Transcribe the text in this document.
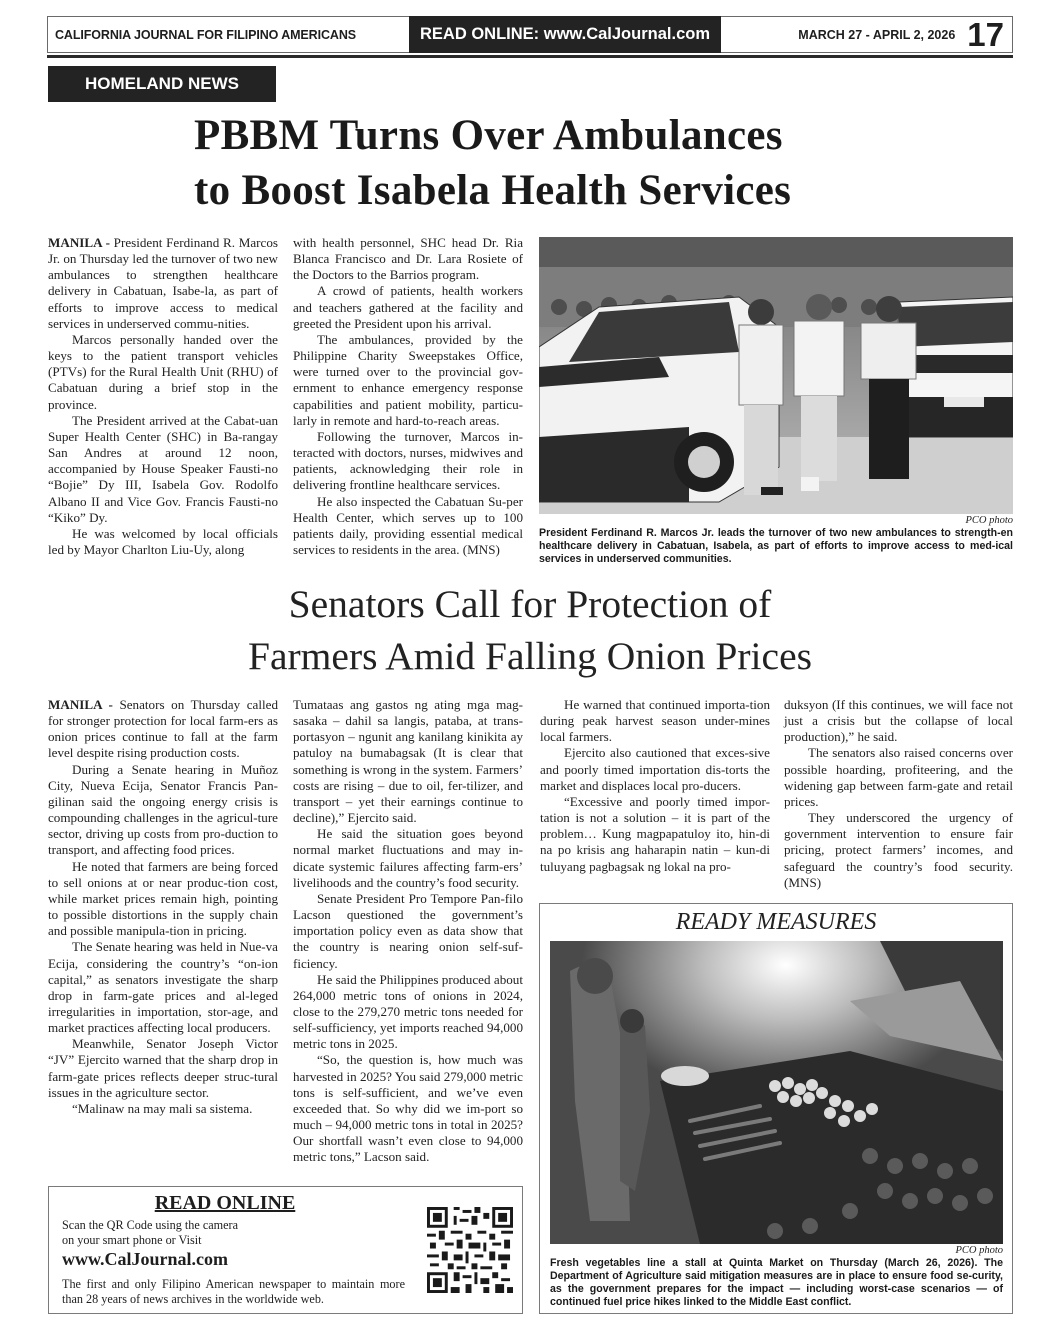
CALIFORNIA JOURNAL FOR FILIPINO AMERICANS	READ ONLINE: www.CalJournal.com	MARCH 27 - APRIL 2, 2026 17
HOMELAND NEWS
PBBM Turns Over Ambulances
to Boost Isabela Health Services

MANILA - President Ferdinand R. Marcos Jr. on Thursday led the turnover of two new ambulances to strengthen healthcare delivery in Cabatuan, Isabe-la, as part of efforts to improve access to medical services in underserved commu-nities.

Marcos personally handed over the keys to the patient transport vehicles (PTVs) for the Rural Health Unit (RHU) of Cabatuan during a brief stop in the province.

The President arrived at the Cabat-uan Super Health Center (SHC) in Ba-rangay San Andres at around 12 noon, accompanied by House Speaker Fausti-no “Bojie” Dy III, Isabela Gov. Rodolfo Albano II and Vice Gov. Francis Fausti-no “Kiko” Dy.

He was welcomed by local officials led by Mayor Charlton Liu-Uy, along

with health personnel, SHC head Dr. Ria Blanca Francisco and Dr. Lara Rosiete of the Doctors to the Barrios program.

A crowd of patients, health workers and teachers gathered at the facility and greeted the President upon his arrival.

The ambulances, provided by the Philippine Charity Sweepstakes Office, were turned over to the provincial gov-ernment to enhance emergency response capabilities and patient mobility, particu-larly in remote and hard-to-reach areas.

Following the turnover, Marcos in-teracted with doctors, nurses, midwives and patients, acknowledging their role in delivering frontline healthcare services.

He also inspected the Cabatuan Su-per Health Center, which serves up to 100 patients daily, providing essential medical services to residents in the area. (MNS)

PCO photo
President Ferdinand R. Marcos Jr. leads the turnover of two new ambulances to strength-en healthcare delivery in Cabatuan, Isabela, as part of efforts to improve access to med-ical services in underserved communities.
Senators Call for Protection of
Farmers Amid Falling Onion Prices

MANILA - Senators on Thursday called for stronger protection for local farm-ers as onion prices continue to fall at the farm level despite rising production costs.

During a Senate hearing in Muñoz City, Nueva Ecija, Senator Francis Pan-gilinan said the ongoing energy crisis is compounding challenges in the agricul-ture sector, driving up costs from pro-duction to transport, and affecting food prices.

He noted that farmers are being forced to sell onions at or near produc-tion cost, while market prices remain high, pointing to possible distortions in the supply chain and possible manipula-tion in pricing.

The Senate hearing was held in Nue-va Ecija, considering the country’s “on-ion capital,” as senators investigate the sharp drop in farm-gate prices and al-leged irregularities in importation, stor-age, and market practices affecting local producers.

Meanwhile, Senator Joseph Victor “JV” Ejercito warned that the sharp drop in farm-gate prices reflects deeper struc-tural issues in the agriculture sector.

“Malinaw na may mali sa sistema.

Tumataas ang gastos ng ating mga mag-sasaka – dahil sa langis, pataba, at trans-portasyon – ngunit ang kanilang kinikita ay patuloy na bumabagsak (It is clear that something is wrong in the system. Farmers’ costs are rising – due to oil, fer-tilizer, and transport – yet their earnings continue to decline),” Ejercito said.

He said the situation goes beyond normal market fluctuations and may in-dicate systemic failures affecting farm-ers’ livelihoods and the country’s food security.

Senate President Pro Tempore Pan-filo Lacson questioned the government’s importation policy even as data show that the country is nearing onion self-suf-ficiency.

He said the Philippines produced about 264,000 metric tons of onions in 2024, close to the 279,270 metric tons needed for self-sufficiency, yet imports reached 94,000 metric tons in 2025.

“So, the question is, how much was harvested in 2025? You said 279,000 metric tons is self-sufficient, and we’ve even exceeded that. So why did we im-port so much – 94,000 metric tons in total in 2025? Our shortfall wasn’t even close to 94,000 metric tons,” Lacson said.

He warned that continued importa-tion during peak harvest season under-mines local farmers.

Ejercito also cautioned that exces-sive and poorly timed importation dis-torts the market and displaces local pro-ducers.

“Excessive and poorly timed impor-tation is not a solution – it is part of the problem… Kung magpapatuloy ito, hin-di na po krisis ang haharapin natin – kun-di tuluyang pagbagsak ng lokal na pro-

duksyon (If this continues, we will face not just a crisis but the collapse of local production),” he said.

The senators also raised concerns over possible hoarding, profiteering, and the widening gap between farm-gate and retail prices.

They underscored the urgency of government intervention to ensure fair pricing, protect farmers’ incomes, and safeguard the country’s food security. (MNS)

READ ONLINE
Scan the QR Code using the camera
on your smart phone or Visit
www.CalJournal.com
The first and only Filipino American newspaper to maintain more than 28 years of news archives in the worldwide web.
READY MEASURES
PCO photo
Fresh vegetables line a stall at Quinta Market on Thursday (March 26, 2026). The Department of Agriculture said mitigation measures are in place to ensure food se-curity, as the government prepares for the impact — including worst-case scenarios — of continued fuel price hikes linked to the Middle East conflict.
